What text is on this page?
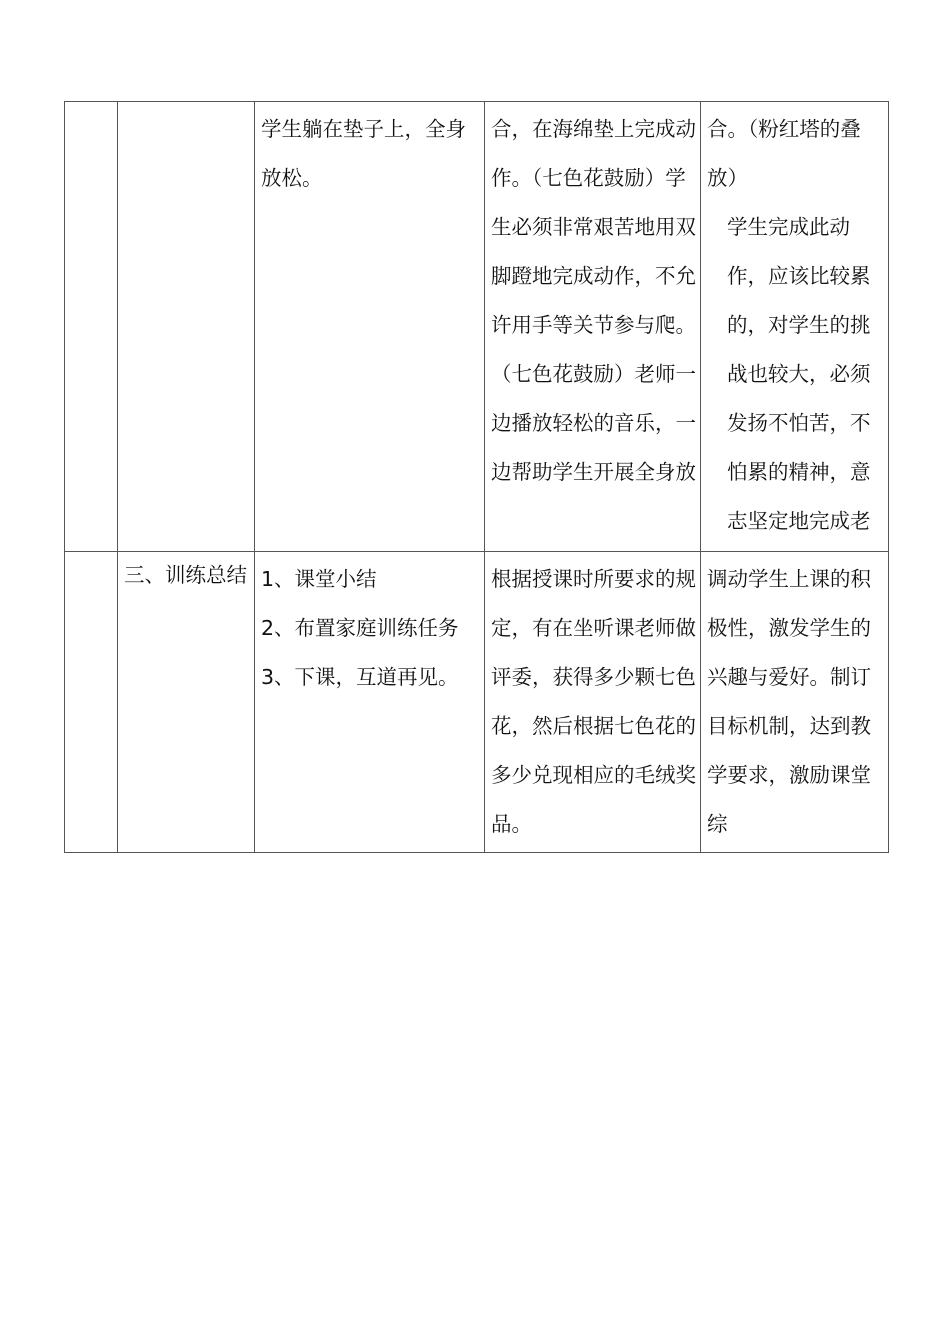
		学生躺在垫子上，全身放松。	合，在海绵垫上完成动作。（七色花鼓励）学生必须非常艰苦地用双脚蹬地完成动作，不允许用手等关节参与爬。（七色花鼓励）老师一边播放轻松的音乐，一边帮助学生开展全身放	合。（粉红塔的叠放）
学生完成此动作，应该比较累的，对学生的挑战也较大，必须发扬不怕苦，不怕累的精神，意志坚定地完成老

	三、训练总结	1、课堂小结
2、布置家庭训练任务
3、下课，互道再见。	根据授课时所要求的规定，有在坐听课老师做评委，获得多少颗七色花，然后根据七色花的多少兑现相应的毛绒奖品。	调动学生上课的积极性，激发学生的兴趣与爱好。制订目标机制，达到教学要求，激励课堂综
